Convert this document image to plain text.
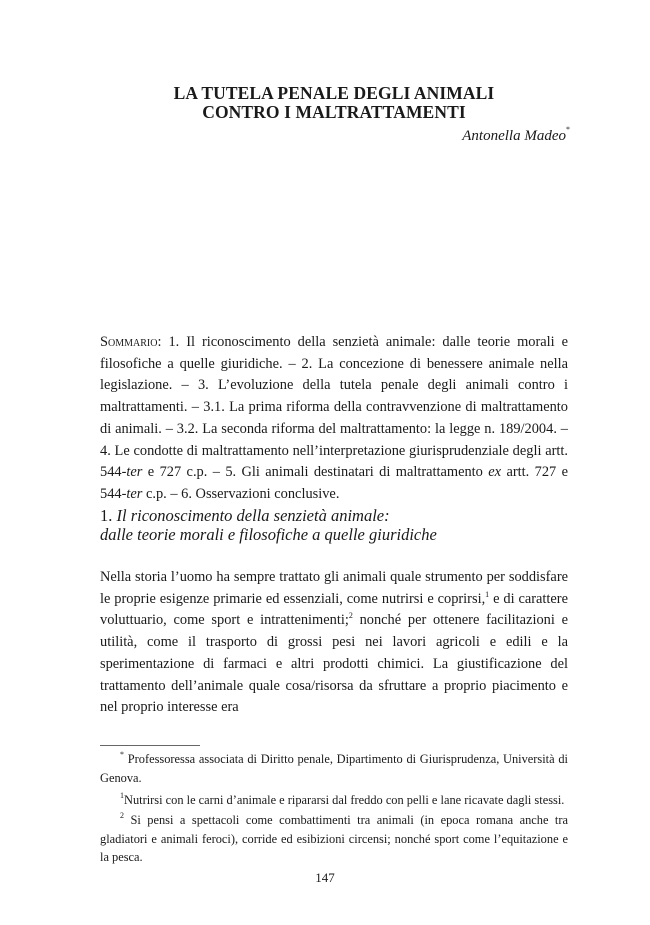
LA TUTELA PENALE DEGLI ANIMALI
CONTRO I MALTRATTAMENTI
Antonella Madeo*

Sommario: 1. Il riconoscimento della senzietà animale: dalle teorie morali e filosofiche a quelle giuridiche. – 2. La concezione di benessere animale nella legislazione. – 3. L’evoluzione della tutela penale degli animali contro i maltrattamenti. – 3.1. La prima riforma della contravvenzione di maltrattamento di animali. – 3.2. La seconda riforma del maltrattamento: la legge n. 189/2004. – 4. Le condotte di maltrattamento nell’interpretazione giurisprudenziale degli artt. 544-ter e 727 c.p. – 5. Gli animali destinatari di maltrattamento ex artt. 727 e 544-ter c.p. – 6. Osservazioni conclusive.

1. Il riconoscimento della senzietà animale:
dalle teorie morali e filosofiche a quelle giuridiche

Nella storia l’uomo ha sempre trattato gli animali quale strumento per soddisfare le proprie esigenze primarie ed essenziali, come nutrirsi e coprirsi,$^1$ e di carattere voluttuario, come sport e intrattenimenti;$^2$ nonché per ottenere facilitazioni e utilità, come il trasporto di grossi pesi nei lavori agricoli e edili e la sperimentazione di farmaci e altri prodotti chimici. La giustificazione del trattamento dell’animale quale cosa/risorsa da sfruttare a proprio piacimento e nel proprio interesse era

* Professoressa associata di Diritto penale, Dipartimento di Giurisprudenza, Università di Genova.

$^1$Nutrirsi con le carni d’animale e ripararsi dal freddo con pelli e lane ricavate dagli stessi.

$^2$ Si pensi a spettacoli come combattimenti tra animali (in epoca romana anche tra gladiatori e animali feroci), corride ed esibizioni circensi; nonché sport come l’equitazione e la pesca.

147
